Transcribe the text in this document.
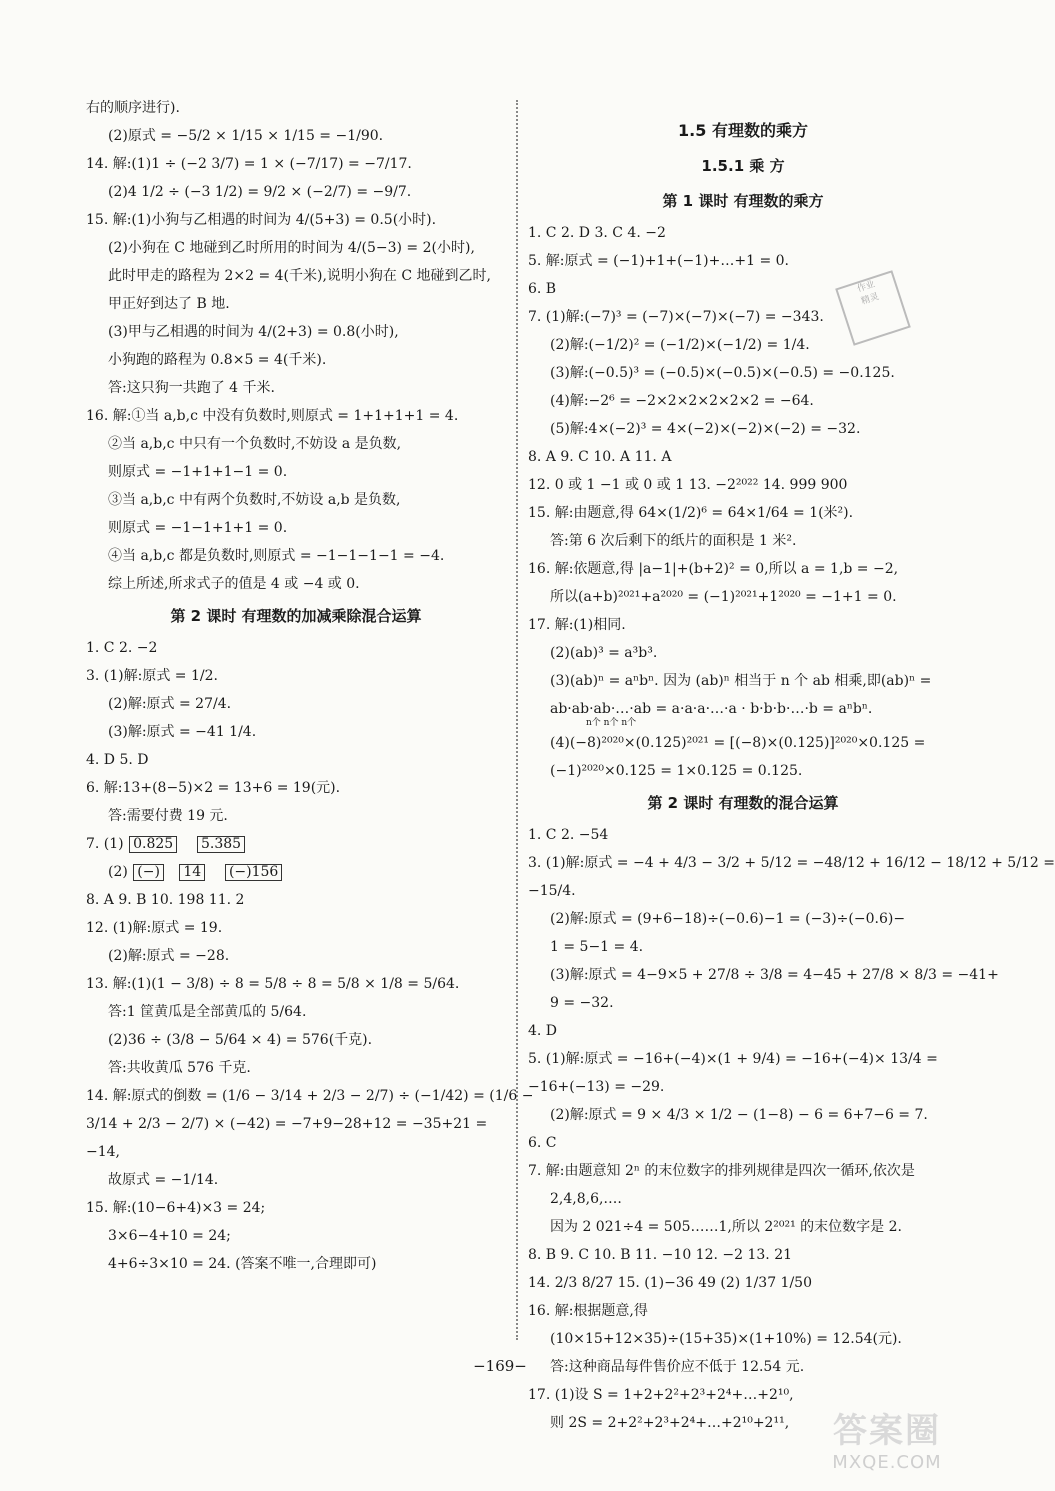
右的顺序进行).
(2)原式 = −5/2 × 1/15 × 1/15 = −1/90.
14. 解:(1)1 ÷ (−2 3/7) = 1 × (−7/17) = −7/17.
(2)4 1/2 ÷ (−3 1/2) = 9/2 × (−2/7) = −9/7.
15. 解:(1)小狗与乙相遇的时间为 4/(5+3) = 0.5(小时).
(2)小狗在 C 地碰到乙时所用的时间为 4/(5−3) = 2(小时),
此时甲走的路程为 2×2 = 4(千米),说明小狗在 C 地碰到乙时,
甲正好到达了 B 地.
(3)甲与乙相遇的时间为 4/(2+3) = 0.8(小时),
小狗跑的路程为 0.8×5 = 4(千米).
答:这只狗一共跑了 4 千米.
16. 解:①当 a,b,c 中没有负数时,则原式 = 1+1+1+1 = 4.
②当 a,b,c 中只有一个负数时,不妨设 a 是负数,
则原式 = −1+1+1−1 = 0.
③当 a,b,c 中有两个负数时,不妨设 a,b 是负数,
则原式 = −1−1+1+1 = 0.
④当 a,b,c 都是负数时,则原式 = −1−1−1−1 = −4.
综上所述,所求式子的值是 4 或 −4 或 0.
第 2 课时 有理数的加减乘除混合运算
1. C 2. −2
3. (1)解:原式 = 1/2.
(2)解:原式 = 27/4.
(3)解:原式 = −41 1/4.
4. D 5. D
6. 解:13+(8−5)×2 = 13+6 = 19(元).
答:需要付费 19 元.
7. (1) 0.825 5.385
(2) (−) 14 (−)156
8. A 9. B 10. 198 11. 2
12. (1)解:原式 = 19.
(2)解:原式 = −28.
13. 解:(1)(1 − 3/8) ÷ 8 = 5/8 ÷ 8 = 5/8 × 1/8 = 5/64.
答:1 筐黄瓜是全部黄瓜的 5/64.
(2)36 ÷ (3/8 − 5/64 × 4) = 576(千克).
答:共收黄瓜 576 千克.
14. 解:原式的倒数 = (1/6 − 3/14 + 2/3 − 2/7) ÷ (−1/42) = (1/6 −
3/14 + 2/3 − 2/7) × (−42) = −7+9−28+12 = −35+21 =
−14,
故原式 = −1/14.
15. 解:(10−6+4)×3 = 24;
3×6−4+10 = 24;
4+6÷3×10 = 24. (答案不唯一,合理即可)
1.5 有理数的乘方
1.5.1 乘 方
第 1 课时 有理数的乘方
1. C 2. D 3. C 4. −2
5. 解:原式 = (−1)+1+(−1)+…+1 = 0.
6. B
7. (1)解:(−7)³ = (−7)×(−7)×(−7) = −343.
(2)解:(−1/2)² = (−1/2)×(−1/2) = 1/4.
(3)解:(−0.5)³ = (−0.5)×(−0.5)×(−0.5) = −0.125.
(4)解:−2⁶ = −2×2×2×2×2×2 = −64.
(5)解:4×(−2)³ = 4×(−2)×(−2)×(−2) = −32.
8. A 9. C 10. A 11. A
12. 0 或 1 −1 或 0 或 1 13. −2²⁰²² 14. 999 900
15. 解:由题意,得 64×(1/2)⁶ = 64×1/64 = 1(米²).
答:第 6 次后剩下的纸片的面积是 1 米².
16. 解:依题意,得 |a−1|+(b+2)² = 0,所以 a = 1,b = −2,
所以(a+b)²⁰²¹+a²⁰²⁰ = (−1)²⁰²¹+1²⁰²⁰ = −1+1 = 0.
17. 解:(1)相同.
(2)(ab)³ = a³b³.
(3)(ab)ⁿ = aⁿbⁿ. 因为 (ab)ⁿ 相当于 n 个 ab 相乘,即(ab)ⁿ =
ab·ab·ab·…·ab = a·a·a·…·a · b·b·b·…·b = aⁿbⁿ.
n个 n个 n个
(4)(−8)²⁰²⁰×(0.125)²⁰²¹ = [(−8)×(0.125)]²⁰²⁰×0.125 =
(−1)²⁰²⁰×0.125 = 1×0.125 = 0.125.
第 2 课时 有理数的混合运算
1. C 2. −54
3. (1)解:原式 = −4 + 4/3 − 3/2 + 5/12 = −48/12 + 16/12 − 18/12 + 5/12 =
−15/4.
(2)解:原式 = (9+6−18)÷(−0.6)−1 = (−3)÷(−0.6)−
1 = 5−1 = 4.
(3)解:原式 = 4−9×5 + 27/8 ÷ 3/8 = 4−45 + 27/8 × 8/3 = −41+
9 = −32.
4. D
5. (1)解:原式 = −16+(−4)×(1 + 9/4) = −16+(−4)× 13/4 =
−16+(−13) = −29.
(2)解:原式 = 9 × 4/3 × 1/2 − (1−8) − 6 = 6+7−6 = 7.
6. C
7. 解:由题意知 2ⁿ 的末位数字的排列规律是四次一循环,依次是
2,4,8,6,….
因为 2 021÷4 = 505……1,所以 2²⁰²¹ 的末位数字是 2.
8. B 9. C 10. B 11. −10 12. −2 13. 21
14. 2/3 8/27 15. (1)−36 49 (2) 1/37 1/50
16. 解:根据题意,得
(10×15+12×35)÷(15+35)×(1+10%) = 12.54(元).
答:这种商品每件售价应不低于 12.54 元.
17. (1)设 S = 1+2+2²+2³+2⁴+…+2¹⁰,
则 2S = 2+2²+2³+2⁴+…+2¹⁰+2¹¹,
作业
精灵
−169−
答案圈
MXQE.COM
